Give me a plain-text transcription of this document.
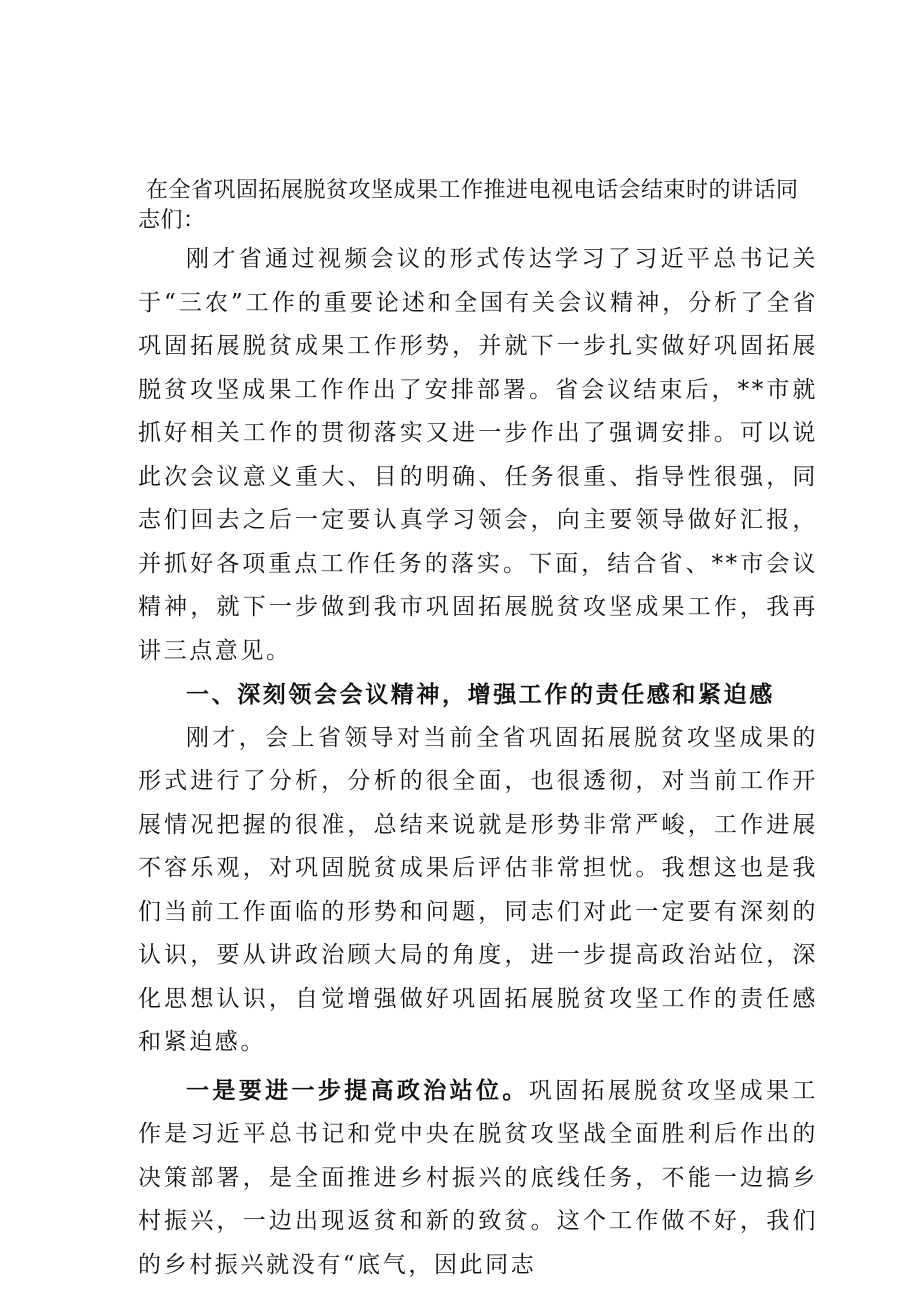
在全省巩固拓展脱贫攻坚成果工作推进电视电话会结束时的讲话同志们：

刚才省通过视频会议的形式传达学习了习近平总书记关于“三农”工作的重要论述和全国有关会议精神，分析了全省巩固拓展脱贫成果工作形势，并就下一步扎实做好巩固拓展脱贫攻坚成果工作作出了安排部署。省会议结束后，**市就抓好相关工作的贯彻落实又进一步作出了强调安排。可以说此次会议意义重大、目的明确、任务很重、指导性很强，同志们回去之后一定要认真学习领会，向主要领导做好汇报，并抓好各项重点工作任务的落实。下面，结合省、**市会议精神，就下一步做到我市巩固拓展脱贫攻坚成果工作，我再讲三点意见。

一、深刻领会会议精神，增强工作的责任感和紧迫感

刚才，会上省领导对当前全省巩固拓展脱贫攻坚成果的形式进行了分析，分析的很全面，也很透彻，对当前工作开展情况把握的很准，总结来说就是形势非常严峻，工作进展不容乐观，对巩固脱贫成果后评估非常担忧。我想这也是我们当前工作面临的形势和问题，同志们对此一定要有深刻的认识，要从讲政治顾大局的角度，进一步提高政治站位，深化思想认识，自觉增强做好巩固拓展脱贫攻坚工作的责任感和紧迫感。

一是要进一步提高政治站位。巩固拓展脱贫攻坚成果工作是习近平总书记和党中央在脱贫攻坚战全面胜利后作出的决策部署，是全面推进乡村振兴的底线任务，不能一边搞乡村振兴，一边出现返贫和新的致贫。这个工作做不好，我们的乡村振兴就没有“底气，因此同志
